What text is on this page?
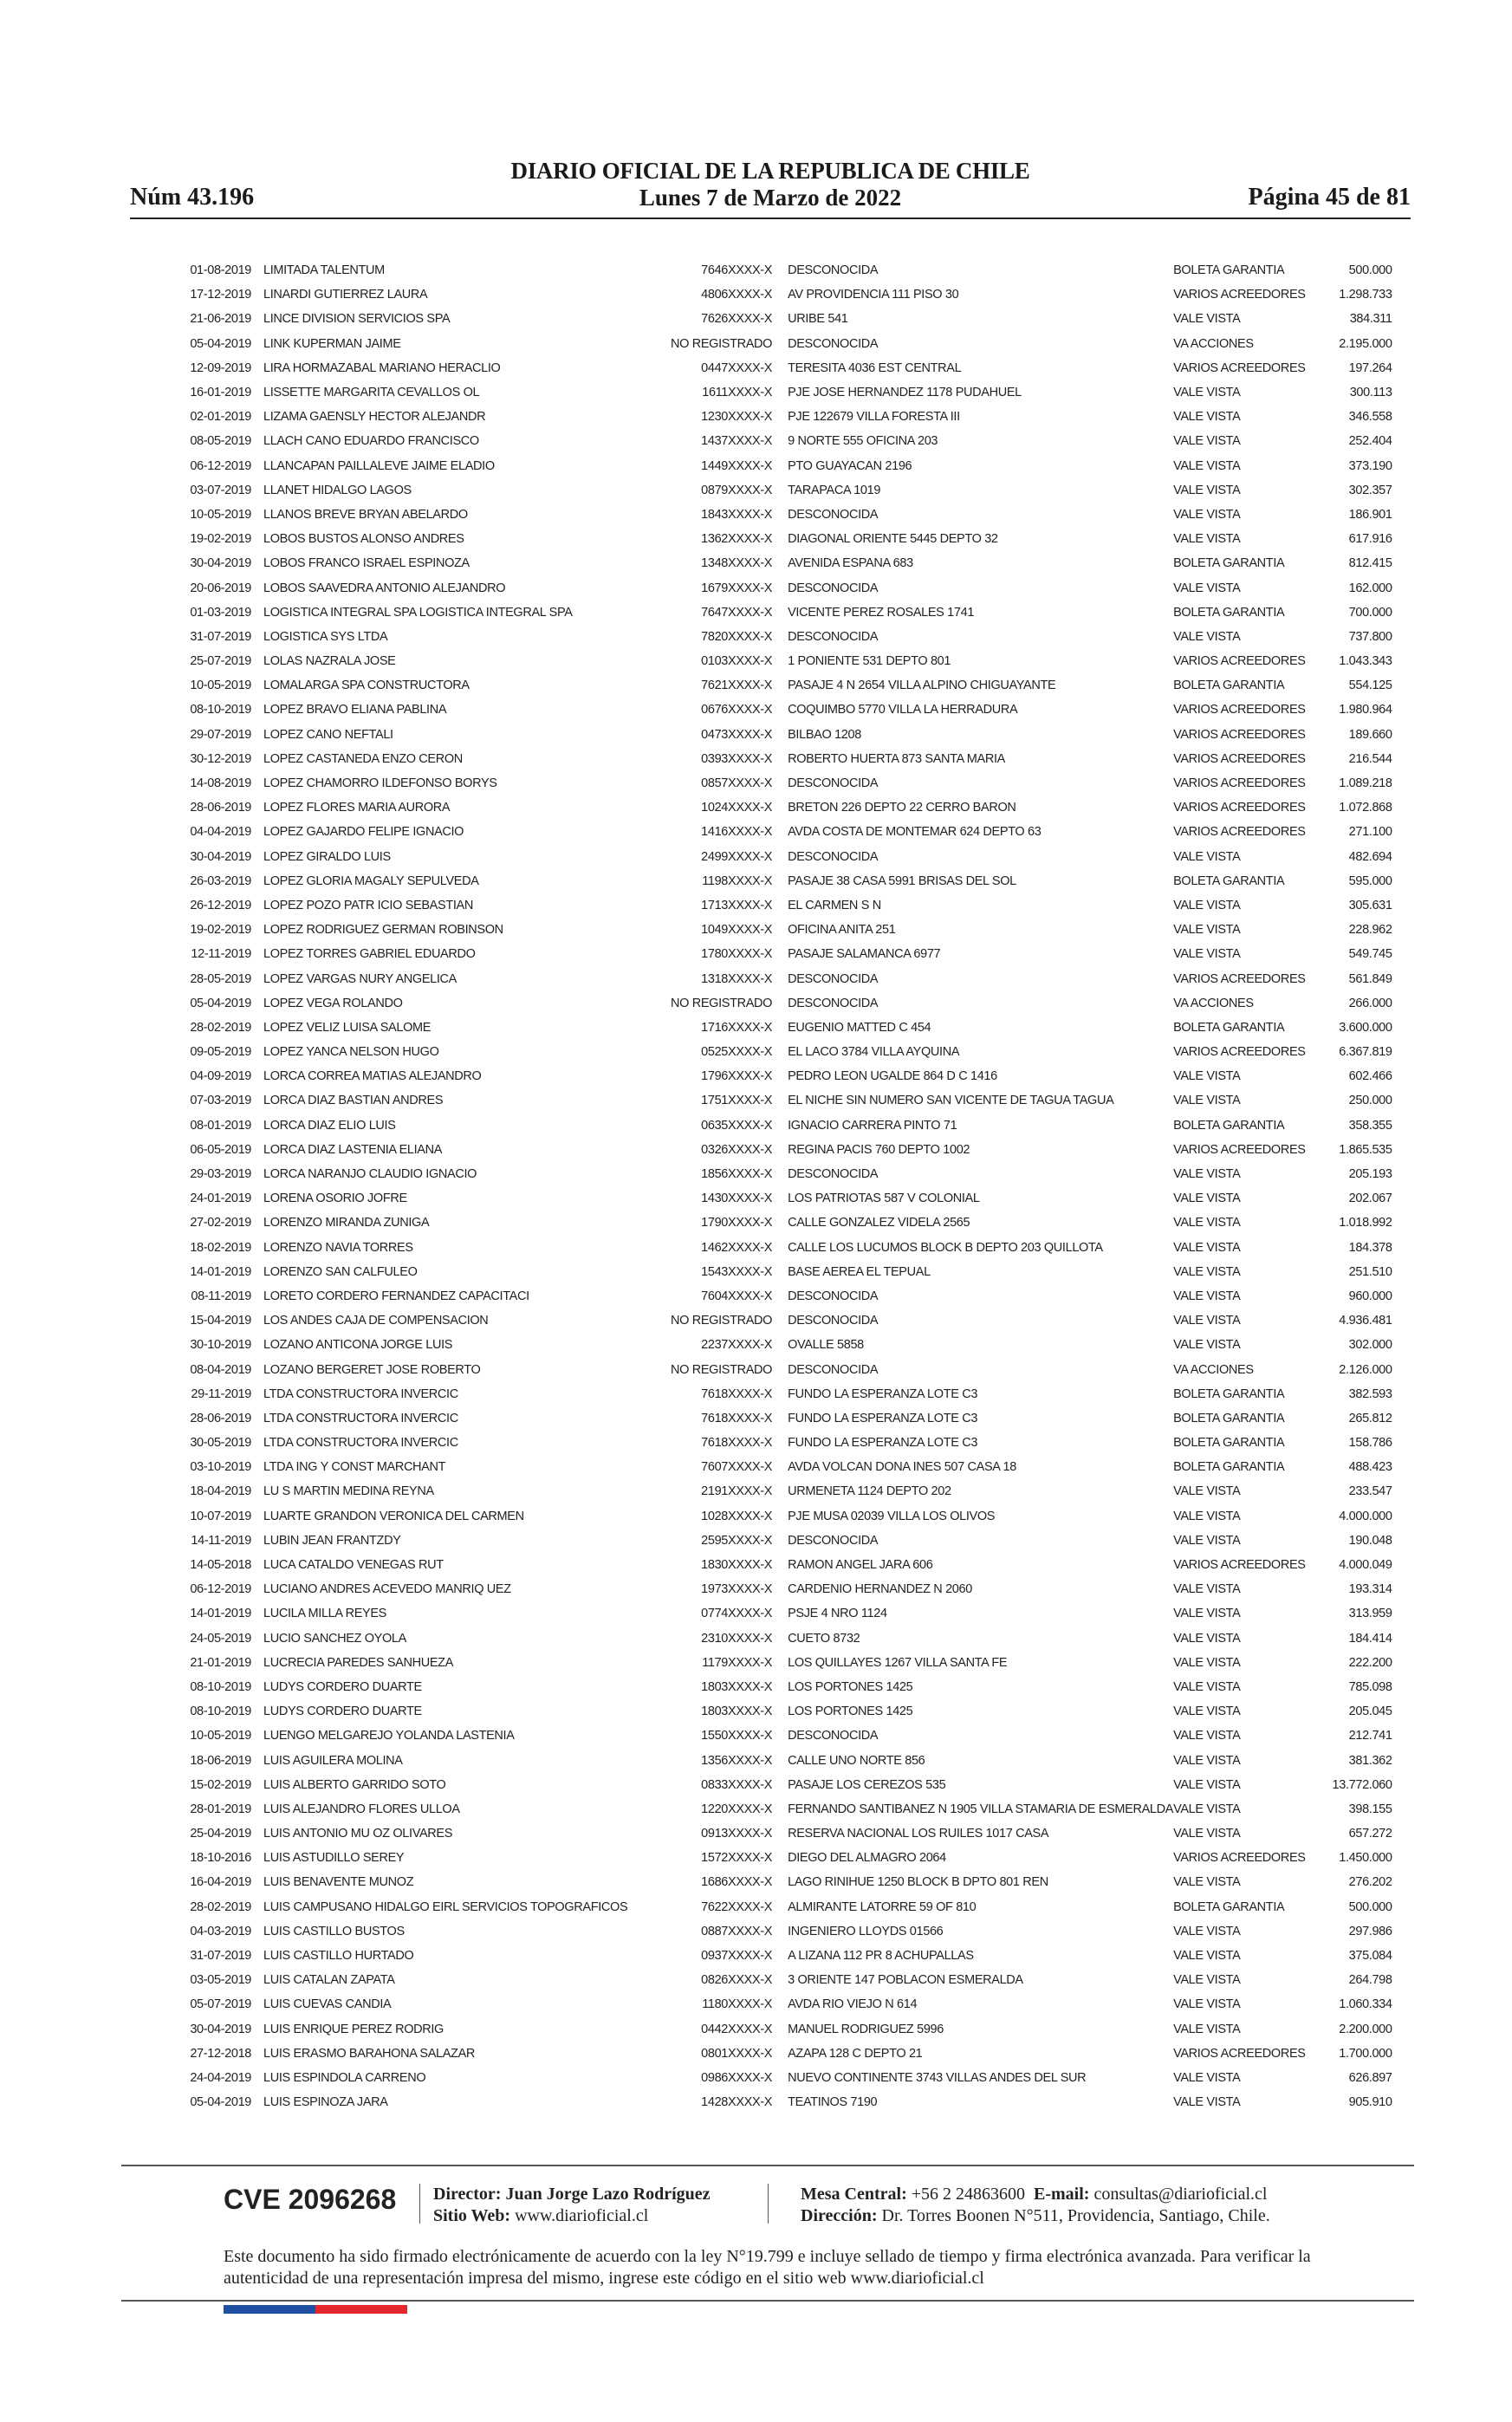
DIARIO OFICIAL DE LA REPUBLICA DE CHILE
Lunes 7 de Marzo de 2022
Núm 43.196	Página 45 de 81
01-08-2019	LIMITADA TALENTUM	7646XXXX-X	DESCONOCIDA	BOLETA GARANTIA	500.000
17-12-2019	LINARDI GUTIERREZ LAURA	4806XXXX-X	AV PROVIDENCIA 111 PISO 30	VARIOS ACREEDORES	1.298.733
21-06-2019	LINCE DIVISION SERVICIOS SPA	7626XXXX-X	URIBE 541	VALE VISTA	384.311
05-04-2019	LINK KUPERMAN JAIME	NO REGISTRADO	DESCONOCIDA	VA ACCIONES	2.195.000
12-09-2019	LIRA HORMAZABAL MARIANO HERACLIO	0447XXXX-X	TERESITA 4036 EST CENTRAL	VARIOS ACREEDORES	197.264
16-01-2019	LISSETTE MARGARITA CEVALLOS OL	1611XXXX-X	PJE JOSE HERNANDEZ 1178 PUDAHUEL	VALE VISTA	300.113
02-01-2019	LIZAMA GAENSLY HECTOR ALEJANDR	1230XXXX-X	PJE 122679 VILLA FORESTA III	VALE VISTA	346.558
08-05-2019	LLACH CANO EDUARDO FRANCISCO	1437XXXX-X	9 NORTE 555 OFICINA 203	VALE VISTA	252.404
06-12-2019	LLANCAPAN PAILLALEVE JAIME ELADIO	1449XXXX-X	PTO GUAYACAN 2196	VALE VISTA	373.190
03-07-2019	LLANET HIDALGO LAGOS	0879XXXX-X	TARAPACA 1019	VALE VISTA	302.357
10-05-2019	LLANOS BREVE BRYAN ABELARDO	1843XXXX-X	DESCONOCIDA	VALE VISTA	186.901
19-02-2019	LOBOS BUSTOS ALONSO ANDRES	1362XXXX-X	DIAGONAL ORIENTE 5445 DEPTO 32	VALE VISTA	617.916
30-04-2019	LOBOS FRANCO ISRAEL ESPINOZA	1348XXXX-X	AVENIDA ESPANA 683	BOLETA GARANTIA	812.415
20-06-2019	LOBOS SAAVEDRA ANTONIO ALEJANDRO	1679XXXX-X	DESCONOCIDA	VALE VISTA	162.000
01-03-2019	LOGISTICA INTEGRAL SPA LOGISTICA INTEGRAL SPA	7647XXXX-X	VICENTE PEREZ ROSALES 1741	BOLETA GARANTIA	700.000
31-07-2019	LOGISTICA SYS LTDA	7820XXXX-X	DESCONOCIDA	VALE VISTA	737.800
25-07-2019	LOLAS NAZRALA JOSE	0103XXXX-X	1 PONIENTE 531 DEPTO 801	VARIOS ACREEDORES	1.043.343
10-05-2019	LOMALARGA SPA CONSTRUCTORA	7621XXXX-X	PASAJE 4 N 2654 VILLA ALPINO CHIGUAYANTE	BOLETA GARANTIA	554.125
08-10-2019	LOPEZ BRAVO ELIANA PABLINA	0676XXXX-X	COQUIMBO 5770 VILLA LA HERRADURA	VARIOS ACREEDORES	1.980.964
29-07-2019	LOPEZ CANO NEFTALI	0473XXXX-X	BILBAO 1208	VARIOS ACREEDORES	189.660
30-12-2019	LOPEZ CASTANEDA ENZO CERON	0393XXXX-X	ROBERTO HUERTA 873 SANTA MARIA	VARIOS ACREEDORES	216.544
14-08-2019	LOPEZ CHAMORRO ILDEFONSO BORYS	0857XXXX-X	DESCONOCIDA	VARIOS ACREEDORES	1.089.218
28-06-2019	LOPEZ FLORES MARIA AURORA	1024XXXX-X	BRETON 226 DEPTO 22 CERRO BARON	VARIOS ACREEDORES	1.072.868
04-04-2019	LOPEZ GAJARDO FELIPE IGNACIO	1416XXXX-X	AVDA COSTA DE MONTEMAR 624 DEPTO 63	VARIOS ACREEDORES	271.100
30-04-2019	LOPEZ GIRALDO LUIS	2499XXXX-X	DESCONOCIDA	VALE VISTA	482.694
26-03-2019	LOPEZ GLORIA MAGALY SEPULVEDA	1198XXXX-X	PASAJE 38 CASA 5991 BRISAS DEL SOL	BOLETA GARANTIA	595.000
26-12-2019	LOPEZ POZO PATR ICIO SEBASTIAN	1713XXXX-X	EL CARMEN S N	VALE VISTA	305.631
19-02-2019	LOPEZ RODRIGUEZ GERMAN ROBINSON	1049XXXX-X	OFICINA ANITA 251	VALE VISTA	228.962
12-11-2019	LOPEZ TORRES GABRIEL EDUARDO	1780XXXX-X	PASAJE SALAMANCA 6977	VALE VISTA	549.745
28-05-2019	LOPEZ VARGAS NURY ANGELICA	1318XXXX-X	DESCONOCIDA	VARIOS ACREEDORES	561.849
05-04-2019	LOPEZ VEGA ROLANDO	NO REGISTRADO	DESCONOCIDA	VA ACCIONES	266.000
28-02-2019	LOPEZ VELIZ LUISA SALOME	1716XXXX-X	EUGENIO MATTED C 454	BOLETA GARANTIA	3.600.000
09-05-2019	LOPEZ YANCA NELSON HUGO	0525XXXX-X	EL LACO 3784 VILLA AYQUINA	VARIOS ACREEDORES	6.367.819
04-09-2019	LORCA CORREA MATIAS ALEJANDRO	1796XXXX-X	PEDRO LEON UGALDE 864 D C 1416	VALE VISTA	602.466
07-03-2019	LORCA DIAZ BASTIAN ANDRES	1751XXXX-X	EL NICHE SIN NUMERO SAN VICENTE DE TAGUA TAGUA	VALE VISTA	250.000
08-01-2019	LORCA DIAZ ELIO LUIS	0635XXXX-X	IGNACIO CARRERA PINTO 71	BOLETA GARANTIA	358.355
06-05-2019	LORCA DIAZ LASTENIA ELIANA	0326XXXX-X	REGINA PACIS 760 DEPTO 1002	VARIOS ACREEDORES	1.865.535
29-03-2019	LORCA NARANJO CLAUDIO IGNACIO	1856XXXX-X	DESCONOCIDA	VALE VISTA	205.193
24-01-2019	LORENA OSORIO JOFRE	1430XXXX-X	LOS PATRIOTAS 587 V COLONIAL	VALE VISTA	202.067
27-02-2019	LORENZO MIRANDA ZUNIGA	1790XXXX-X	CALLE GONZALEZ VIDELA 2565	VALE VISTA	1.018.992
18-02-2019	LORENZO NAVIA TORRES	1462XXXX-X	CALLE LOS LUCUMOS BLOCK B DEPTO 203 QUILLOTA	VALE VISTA	184.378
14-01-2019	LORENZO SAN CALFULEO	1543XXXX-X	BASE AEREA EL TEPUAL	VALE VISTA	251.510
08-11-2019	LORETO CORDERO FERNANDEZ CAPACITACI	7604XXXX-X	DESCONOCIDA	VALE VISTA	960.000
15-04-2019	LOS ANDES CAJA DE COMPENSACION	NO REGISTRADO	DESCONOCIDA	VALE VISTA	4.936.481
30-10-2019	LOZANO ANTICONA JORGE LUIS	2237XXXX-X	OVALLE 5858	VALE VISTA	302.000
08-04-2019	LOZANO BERGERET JOSE ROBERTO	NO REGISTRADO	DESCONOCIDA	VA ACCIONES	2.126.000
29-11-2019	LTDA CONSTRUCTORA INVERCIC	7618XXXX-X	FUNDO LA ESPERANZA LOTE C3	BOLETA GARANTIA	382.593
28-06-2019	LTDA CONSTRUCTORA INVERCIC	7618XXXX-X	FUNDO LA ESPERANZA LOTE C3	BOLETA GARANTIA	265.812
30-05-2019	LTDA CONSTRUCTORA INVERCIC	7618XXXX-X	FUNDO LA ESPERANZA LOTE C3	BOLETA GARANTIA	158.786
03-10-2019	LTDA ING Y CONST MARCHANT	7607XXXX-X	AVDA VOLCAN DONA INES 507 CASA 18	BOLETA GARANTIA	488.423
18-04-2019	LU S MARTIN MEDINA REYNA	2191XXXX-X	URMENETA 1124 DEPTO 202	VALE VISTA	233.547
10-07-2019	LUARTE GRANDON VERONICA DEL CARMEN	1028XXXX-X	PJE MUSA 02039 VILLA LOS OLIVOS	VALE VISTA	4.000.000
14-11-2019	LUBIN JEAN FRANTZDY	2595XXXX-X	DESCONOCIDA	VALE VISTA	190.048
14-05-2018	LUCA CATALDO VENEGAS RUT	1830XXXX-X	RAMON ANGEL JARA 606	VARIOS ACREEDORES	4.000.049
06-12-2019	LUCIANO ANDRES ACEVEDO MANRIQ UEZ	1973XXXX-X	CARDENIO HERNANDEZ N 2060	VALE VISTA	193.314
14-01-2019	LUCILA MILLA REYES	0774XXXX-X	PSJE 4 NRO 1124	VALE VISTA	313.959
24-05-2019	LUCIO SANCHEZ OYOLA	2310XXXX-X	CUETO 8732	VALE VISTA	184.414
21-01-2019	LUCRECIA PAREDES SANHUEZA	1179XXXX-X	LOS QUILLAYES 1267 VILLA SANTA FE	VALE VISTA	222.200
08-10-2019	LUDYS CORDERO DUARTE	1803XXXX-X	LOS PORTONES 1425	VALE VISTA	785.098
08-10-2019	LUDYS CORDERO DUARTE	1803XXXX-X	LOS PORTONES 1425	VALE VISTA	205.045
10-05-2019	LUENGO MELGAREJO YOLANDA LASTENIA	1550XXXX-X	DESCONOCIDA	VALE VISTA	212.741
18-06-2019	LUIS AGUILERA MOLINA	1356XXXX-X	CALLE UNO NORTE 856	VALE VISTA	381.362
15-02-2019	LUIS ALBERTO GARRIDO SOTO	0833XXXX-X	PASAJE LOS CEREZOS 535	VALE VISTA	13.772.060
28-01-2019	LUIS ALEJANDRO FLORES ULLOA	1220XXXX-X	FERNANDO SANTIBANEZ N 1905 VILLA STAMARIA DE ESMERALDA	VALE VISTA	398.155
25-04-2019	LUIS ANTONIO MU OZ OLIVARES	0913XXXX-X	RESERVA NACIONAL LOS RUILES 1017 CASA	VALE VISTA	657.272
18-10-2016	LUIS ASTUDILLO SEREY	1572XXXX-X	DIEGO DEL ALMAGRO 2064	VARIOS ACREEDORES	1.450.000
16-04-2019	LUIS BENAVENTE MUNOZ	1686XXXX-X	LAGO RINIHUE 1250 BLOCK B DPTO 801 REN	VALE VISTA	276.202
28-02-2019	LUIS CAMPUSANO HIDALGO EIRL SERVICIOS TOPOGRAFICOS	7622XXXX-X	ALMIRANTE LATORRE 59 OF 810	BOLETA GARANTIA	500.000
04-03-2019	LUIS CASTILLO BUSTOS	0887XXXX-X	INGENIERO LLOYDS 01566	VALE VISTA	297.986
31-07-2019	LUIS CASTILLO HURTADO	0937XXXX-X	A LIZANA 112 PR 8 ACHUPALLAS	VALE VISTA	375.084
03-05-2019	LUIS CATALAN ZAPATA	0826XXXX-X	3 ORIENTE 147 POBLACON ESMERALDA	VALE VISTA	264.798
05-07-2019	LUIS CUEVAS CANDIA	1180XXXX-X	AVDA RIO VIEJO N 614	VALE VISTA	1.060.334
30-04-2019	LUIS ENRIQUE PEREZ RODRIG	0442XXXX-X	MANUEL RODRIGUEZ 5996	VALE VISTA	2.200.000
27-12-2018	LUIS ERASMO BARAHONA SALAZAR	0801XXXX-X	AZAPA 128 C DEPTO 21	VARIOS ACREEDORES	1.700.000
24-04-2019	LUIS ESPINDOLA CARRENO	0986XXXX-X	NUEVO CONTINENTE 3743 VILLAS ANDES DEL SUR	VALE VISTA	626.897
05-04-2019	LUIS ESPINOZA JARA	1428XXXX-X	TEATINOS 7190	VALE VISTA	905.910
CVE 2096268 Director: Juan Jorge Lazo Rodríguez
Sitio Web: www.diarioficial.cl
Mesa Central: +56 2 24863600 E-mail: consultas@diarioficial.cl
Dirección: Dr. Torres Boonen N°511, Providencia, Santiago, Chile.
Este documento ha sido firmado electrónicamente de acuerdo con la ley N°19.799 e incluye sellado de tiempo y firma electrónica avanzada. Para verificar la autenticidad de una representación impresa del mismo, ingrese este código en el sitio web www.diarioficial.cl
